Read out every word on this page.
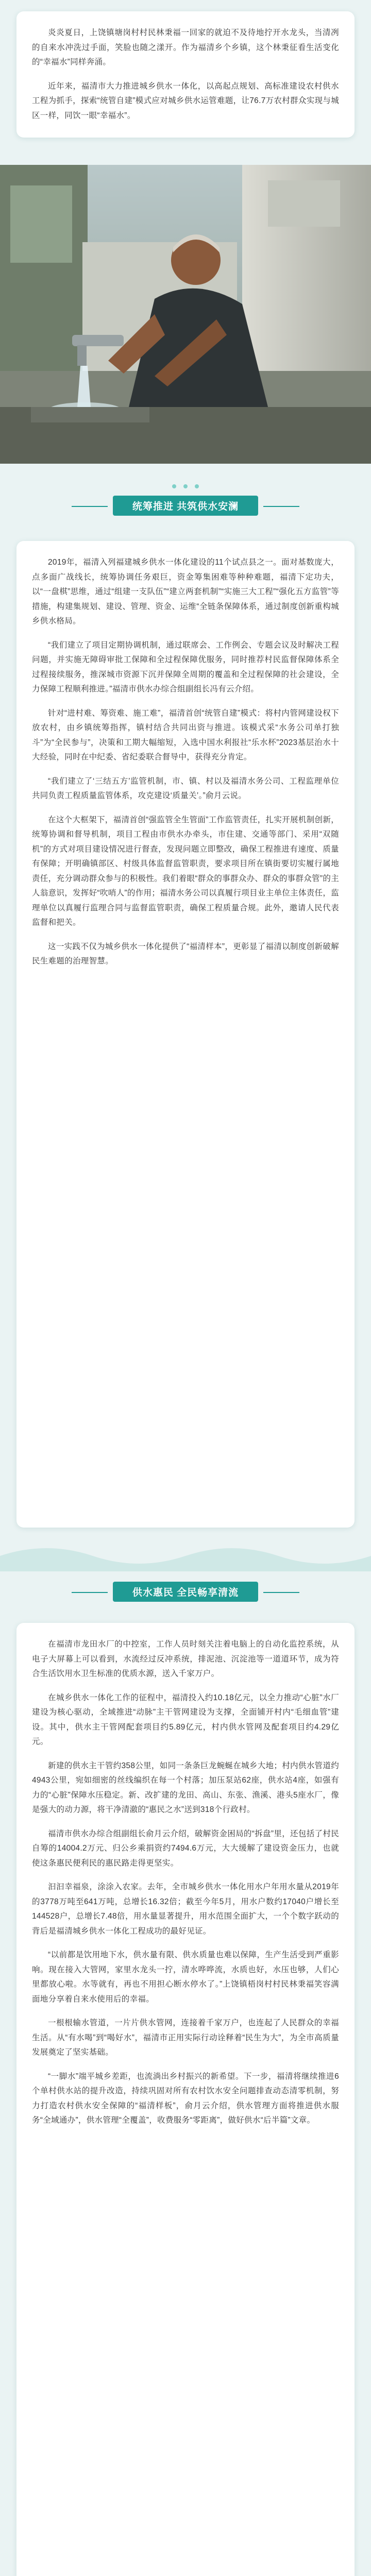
炎炎夏日，上饶镇塘岗村村民林秉福一回家的就迫不及待地拧开水龙头，当清冽的自来水冲洗过手面，笑脸也随之漾开。作为福清乡个乡镇，这个林秉征看生活变化的“幸福水”同样奔涌。

近年来，福清市大力推进城乡供水一体化，以高起点规划、高标准建设农村供水工程为抓手，探索“统管自建”模式应对城乡供水运管难题，让76.7万农村群众实现与城区一样，同饮一眼“幸福水”。

统筹推进 共筑供水安澜

2019年，福清入列福建城乡供水一体化建设的11个试点县之一。面对基数庞大，点多面广战线长，统筹协调任务艰巨，资金筹集困难等种种难题，福清下定功夫，以“一盘棋”思维，通过“组建一支队伍”“建立两套机制”“实施三大工程”“强化五方监管”等措施，构建集规划、建设、管理、资金、运维“全链条保障体系，通过制度创新重构城乡供水格局。

“我们建立了项目定期协调机制，通过联席会、工作例会、专题会议及时解决工程问题，并实施无障碍审批工保障和全过程保障优服务，同时推荐村民监督保障体系全过程接续服务，推深城市资源下沉并保障全周期的覆盖和全过程保障的社会建设，全力保障工程顺利推进。”福清市供水办综合组副组长冯有云介绍。

针对“进村难、筹资难、施工难”，福清首创“统管自建”模式：将村内管网建设权下放农村，由乡镇统筹指挥，镇村结合共同出资与推进。该模式采“水务公司单打独斗”为“全民参与”，决策和工期大幅缩短，入选中国水利报社“乐水杯”2023基层治水十大经验，同时在中纪委、省纪委联合督导中，获得充分肯定。

“我们建立了‘三结五方’监管机制，市、镇、村以及福清水务公司、工程监理单位共同负责工程质量监管体系，攻克建设‘质量关’。”俞月云说。

在这个大框架下，福清首创“强监管全生管面”工作监管责任，扎实开展机制创新，统筹协调和督导机制，项目工程由市供水办牵头，市住建、交通等部门、采用“双随机”的方式对项目建设情况进行督查，发现问题立即整改，确保工程推进有速度、质量有保障；开明确镇部区、村级具体监督监管职责，要求项目所在镇街要切实履行属地责任，充分调动群众参与的积极性。我们着眼“群众的事群众办、群众的事群众管”的主人翁意识，发挥好“吹哨人”的作用；福清水务公司以真履行项目业主单位主体责任，监理单位以真履行监理合同与监督监管职责，确保工程质量合规。此外，邀请人民代表监督和把关。

这一实践不仅为城乡供水一体化提供了“福清样本”，更彰显了福清以制度创新破解民生难题的治理智慧。

供水惠民 全民畅享清流

在福清市龙田水厂的中控室，工作人员时刻关注着电脑上的自动化监控系统，从电子大屏幕上可以看到，水流经过反冲系统，排泥池、沉淀池等一道道环节，成为符合生活饮用水卫生标准的优质水源，送入千家万户。

在城乡供水一体化工作的征程中，福清投入约10.18亿元，以全力推动“心脏”水厂建设为核心驱动，全域推进“动脉”主干管网建设为支撑，全面铺开村内“毛细血管”建设。其中，供水主干管网配套项目约5.89亿元，村内供水管网及配套项目约4.29亿元。

新建的供水主干管约358公里，如同一条条巨龙蜿蜒在城乡大地；村内供水管道约4943公里，宛如细密的丝线编织在每一个村落；加压泵站62座，供水站4座，如强有力的“心脏”保障水压稳定。新、改扩建的龙田、高山、东张、渔溪、港头5座水厂，像是强大的动力源，将干净清澈的“惠民之水”送到318个行政村。

福清市供水办综合组副组长俞月云介绍，破解资金困局的“拆盘”里，还包括了村民自筹的14004.2万元、归公乡乘捐资约7494.6万元，大大缓解了建设资金压力，也就使这条惠民便利民的惠民路走得更坚实。

汩汩幸福泉，涂涂入农家。去年，全市城乡供水一体化用水户年用水量从2019年的3778万吨至641万吨，总增长16.32倍；截至今年5月，用水户数约17040户增长至144528户，总增长7.48倍，用水量显著提升，用水范围全面扩大，一个个数字跃动的背后是福清城乡供水一体化工程成功的最好见证。

“以前都是饮用地下水，供水量有限、供水质量也难以保障，生产生活受到严重影响。现在接入大管网，家里水龙头一拧，清水哗哗流，水质也好，水压也够，人们心里都放心啦。水等就有，再也不用担心断水停水了。”上饶镇梧岗村村民林秉福笑容满面地分享着自来水使用后的幸福。

一根根输水管道，一片片供水管网，连接着千家万户，也连起了人民群众的幸福生活。从“有水喝”到“喝好水”，福清市正用实际行动诠释着“民生为大”，为全市高质量发展奠定了坚实基础。

“一脚水”端平城乡差距，也流淌出乡村振兴的新希望。下一步，福清将继续推进6个单村供水站的提升改造，持续巩固对所有农村饮水安全问题排查动态清零机制，努力打造农村供水安全保障的“福清样板”，俞月云介绍，供水管理方面将推进供水服务“全域通办”，供水管理“全覆盖”，收费服务“零距离”，做好供水“后半篇”文章。
